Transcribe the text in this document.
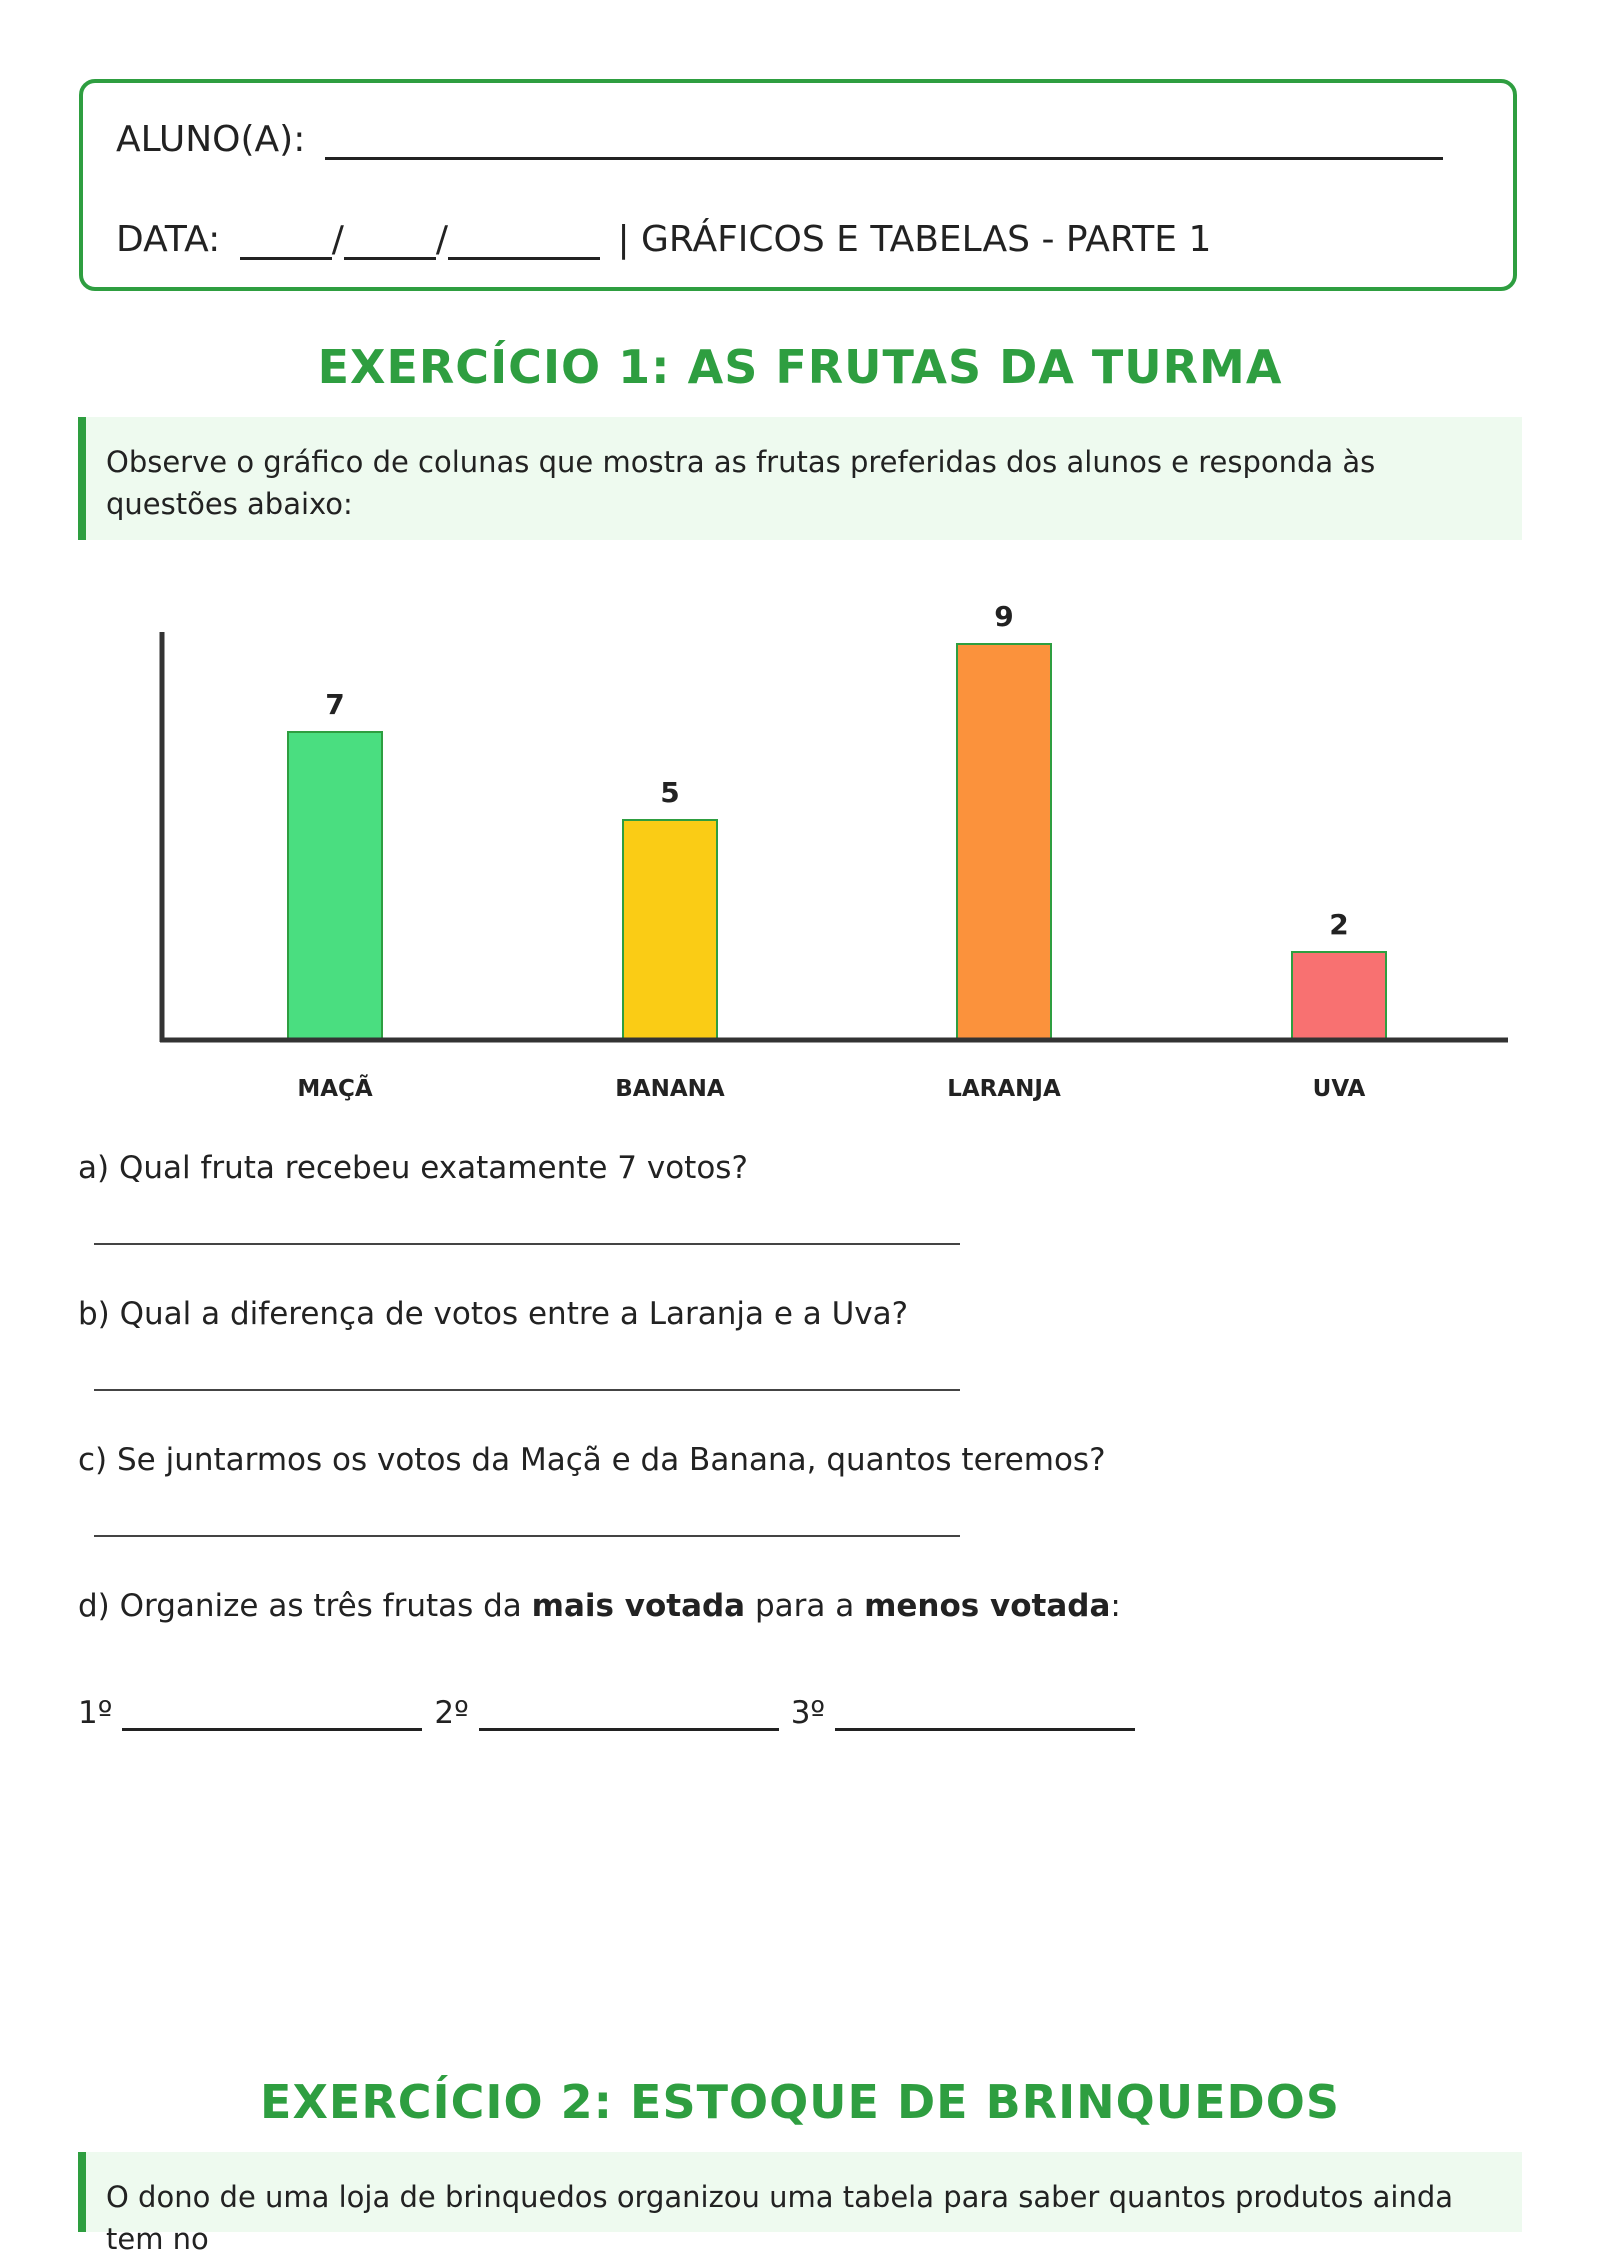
ALUNO(A):
DATA:	/	/	| GRÁFICOS E TABELAS - PARTE 1
EXERCÍCIO 1: AS FRUTAS DA TURMA
Observe o gráfico de colunas que mostra as frutas preferidas dos alunos e responda às questões abaixo:
7
MAÇÃ
5
BANANA
9
LARANJA
2
UVA
a) Qual fruta recebeu exatamente 7 votos?
b) Qual a diferença de votos entre a Laranja e a Uva?
c) Se juntarmos os votos da Maçã e da Banana, quantos teremos?
d) Organize as três frutas da mais votada para a menos votada:
1º	2º	3º
EXERCÍCIO 2: ESTOQUE DE BRINQUEDOS
O dono de uma loja de brinquedos organizou uma tabela para saber quantos produtos ainda tem no
